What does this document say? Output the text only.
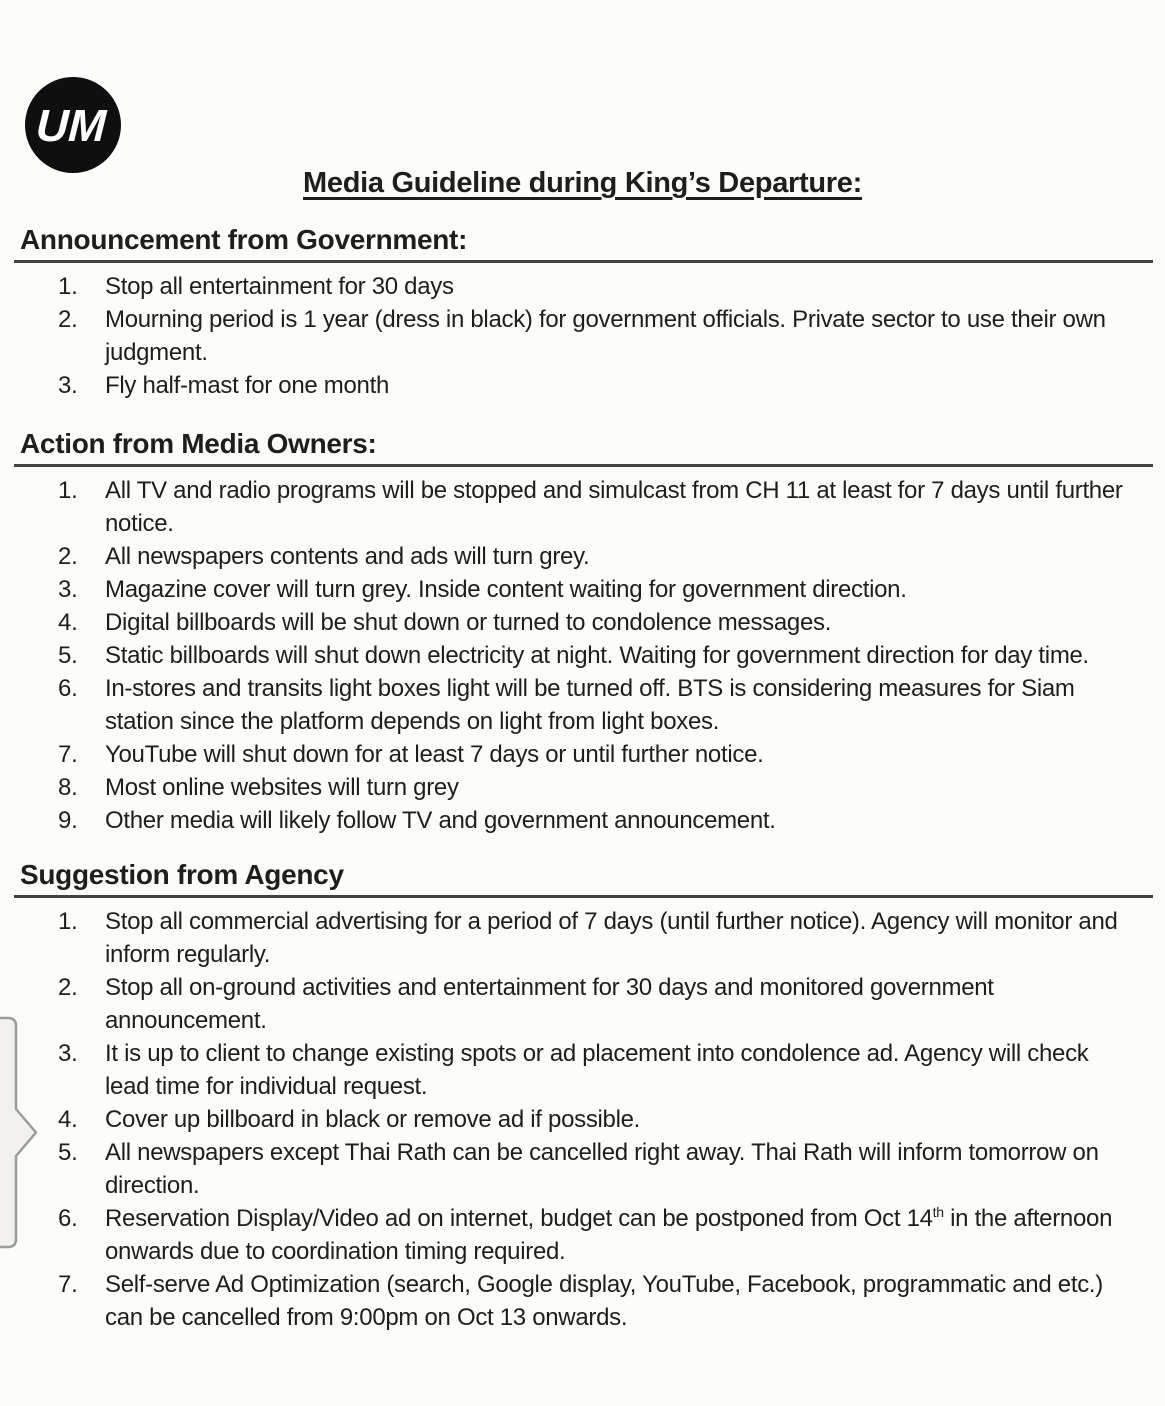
UM
Media Guideline during King’s Departure:
Announcement from Government:
Stop all entertainment for 30 days
Mourning period is 1 year (dress in black) for government officials. Private sector to use their own judgment.
Fly half-mast for one month
Action from Media Owners:
All TV and radio programs will be stopped and simulcast from CH 11 at least for 7 days until further notice.
All newspapers contents and ads will turn grey.
Magazine cover will turn grey. Inside content waiting for government direction.
Digital billboards will be shut down or turned to condolence messages.
Static billboards will shut down electricity at night. Waiting for government direction for day time.
In-stores and transits light boxes light will be turned off. BTS is considering measures for Siam station since the platform depends on light from light boxes.
YouTube will shut down for at least 7 days or until further notice.
Most online websites will turn grey
Other media will likely follow TV and government announcement.
Suggestion from Agency
Stop all commercial advertising for a period of 7 days (until further notice). Agency will monitor and inform regularly.
Stop all on-ground activities and entertainment for 30 days and monitored government announcement.
It is up to client to change existing spots or ad placement into condolence ad. Agency will check lead time for individual request.
Cover up billboard in black or remove ad if possible.
All newspapers except Thai Rath can be cancelled right away. Thai Rath will inform tomorrow on direction.
Reservation Display/Video ad on internet, budget can be postponed from Oct 14th in the afternoon onwards due to coordination timing required.
Self-serve Ad Optimization (search, Google display, YouTube, Facebook, programmatic and etc.) can be cancelled from 9:00pm on Oct 13 onwards.
